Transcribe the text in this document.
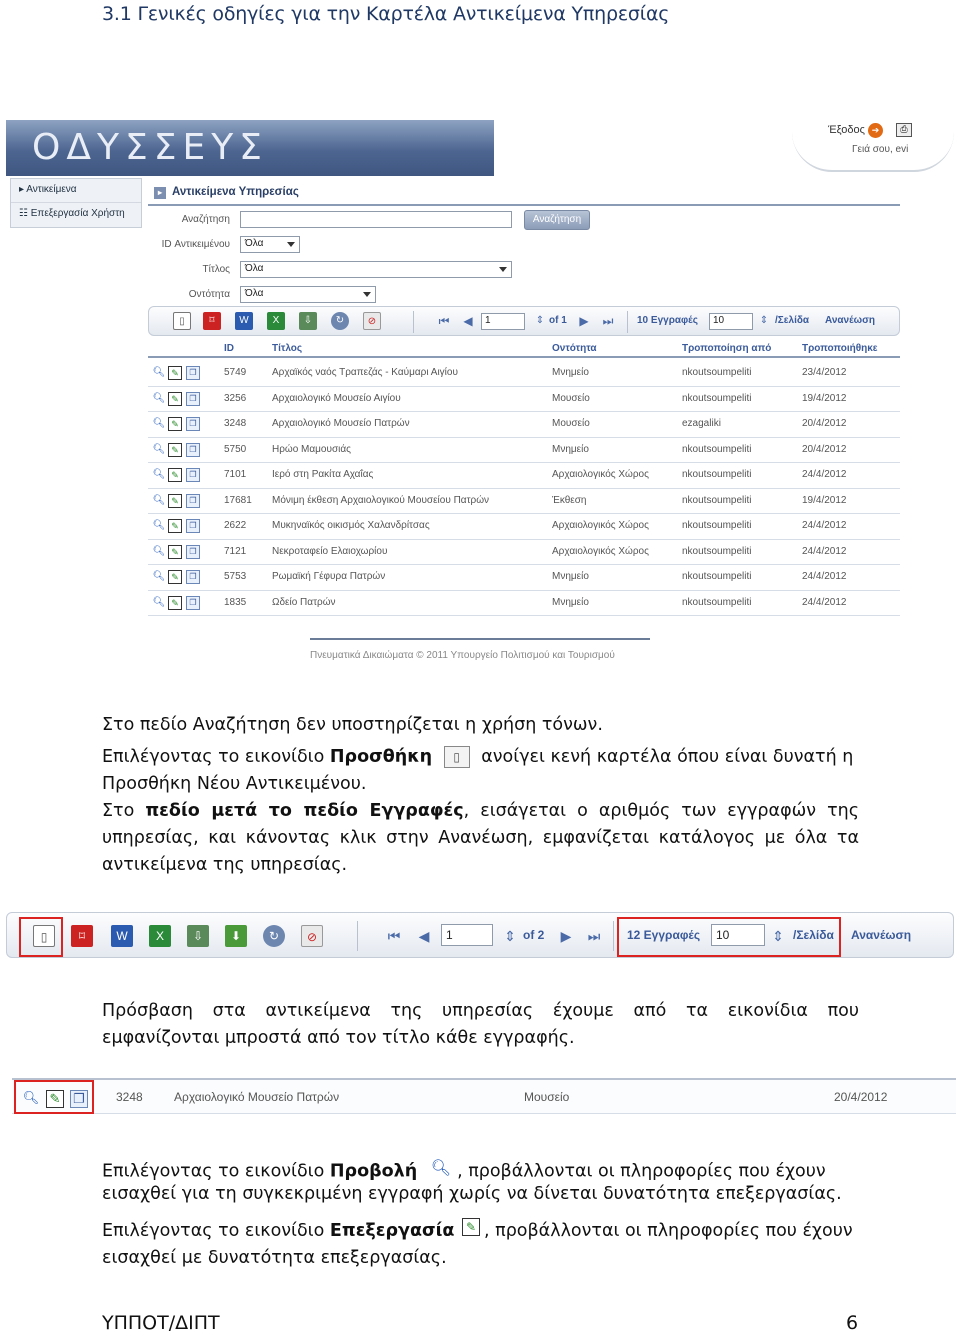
3.1 Γενικές οδηγίες για την Καρτέλα Αντικείμενα Υπηρεσίας
ΟΔΥΣΣΕΥΣ	Έξοδος ➔	⎙
Γειά σου, evi
▸ Αντικείμενα
☷ Επεξεργασία Χρήστη
▸ Αντικείμενα Υπηρεσίας
Αναζήτηση	Αναζήτηση
ID Αντικειμένου	Όλα
Τίτλος	Όλα
Οντότητα	Όλα
▯	⌑	W	X	⇩	↻	⊘	⏮	◀	1	⇕ of 1	▶	⏭	10 Εγγραφές	10	⇕ /Σελίδα Ανανέωση
ID	Τίτλος	Οντότητα	Τροποποίηση από	Τροποποιήθηκε
🔍︎ ✎	❐	5749	Αρχαϊκός ναός Τραπεζάς - Καύμαρι Αιγίου	Μνημείο	nkoutsoumpeliti	23/4/2012
🔍︎ ✎	❐	3256	Αρχαιολογικό Μουσείο Αιγίου	Μουσείο	nkoutsoumpeliti	19/4/2012
🔍︎ ✎	❐	3248	Αρχαιολογικό Μουσείο Πατρών	Μουσείο	ezagaliki	20/4/2012
🔍︎ ✎	❐	5750	Ηρώο Μαμουσιάς	Μνημείο	nkoutsoumpeliti	20/4/2012
🔍︎ ✎	❐	7101	Ιερό στη Ρακίτα Αχαΐας	Αρχαιολογικός Χώρος	nkoutsoumpeliti	24/4/2012
🔍︎ ✎	❐	17681 Μόνιμη έκθεση Αρχαιολογικού Μουσείου Πατρών	Έκθεση	nkoutsoumpeliti	19/4/2012
🔍︎ ✎	❐	2622	Μυκηναϊκός οικισμός Χαλανδρίτσας	Αρχαιολογικός Χώρος	nkoutsoumpeliti	24/4/2012
🔍︎ ✎	❐	7121	Νεκροταφείο Ελαιοχωρίου	Αρχαιολογικός Χώρος	nkoutsoumpeliti	24/4/2012
🔍︎ ✎	❐	5753	Ρωμαϊκή Γέφυρα Πατρών	Μνημείο	nkoutsoumpeliti	24/4/2012
🔍︎ ✎	❐	1835	Ωδείο Πατρών	Μνημείο	nkoutsoumpeliti	24/4/2012
Πνευματικά Δικαιώματα © 2011 Υπουργείο Πολιτισμού και Τουρισμού
Στο πεδίο Αναζήτηση δεν υποστηρίζεται η χρήση τόνων.
Επιλέγοντας το εικονίδιο Προσθήκη ▯ ανοίγει κενή καρτέλα όπου είναι δυνατή η
Προσθήκη Νέου Αντικειμένου.
Στο πεδίο μετά το πεδίο Εγγραφές, εισάγεται ο αριθμός των εγγραφών της
υπηρεσίας, και κάνοντας κλικ στην Ανανέωση, εμφανίζεται κατάλογος με όλα τα
αντικείμενα της υπηρεσίας.
▯	⌑	W	X	⇩	⬇	↻	⊘	⏮	◀	1	⇕ of 2	▶	⏭	12 Εγγραφές	10	⇕ /Σελίδα Ανανέωση
Πρόσβαση στα αντικείμενα της υπηρεσίας έχουμε από τα εικονίδια που
εμφανίζονται μπροστά από τον τίτλο κάθε εγγραφής.
🔍︎ ✎ ❐	3248	Αρχαιολογικό Μουσείο Πατρών	Μουσείο	20/4/2012
Επιλέγοντας το εικονίδιο Προβολή 🔍︎ , προβάλλονται οι πληροφορίες που έχουν
εισαχθεί για τη συγκεκριμένη εγγραφή χωρίς να δίνεται δυνατότητα επεξεργασίας.
Επιλέγοντας το εικονίδιο Επεξεργασία ✎ , προβάλλονται οι πληροφορίες που έχουν
εισαχθεί με δυνατότητα επεξεργασίας.
ΥΠΠΟΤ/ΔΙΠΤ	6
